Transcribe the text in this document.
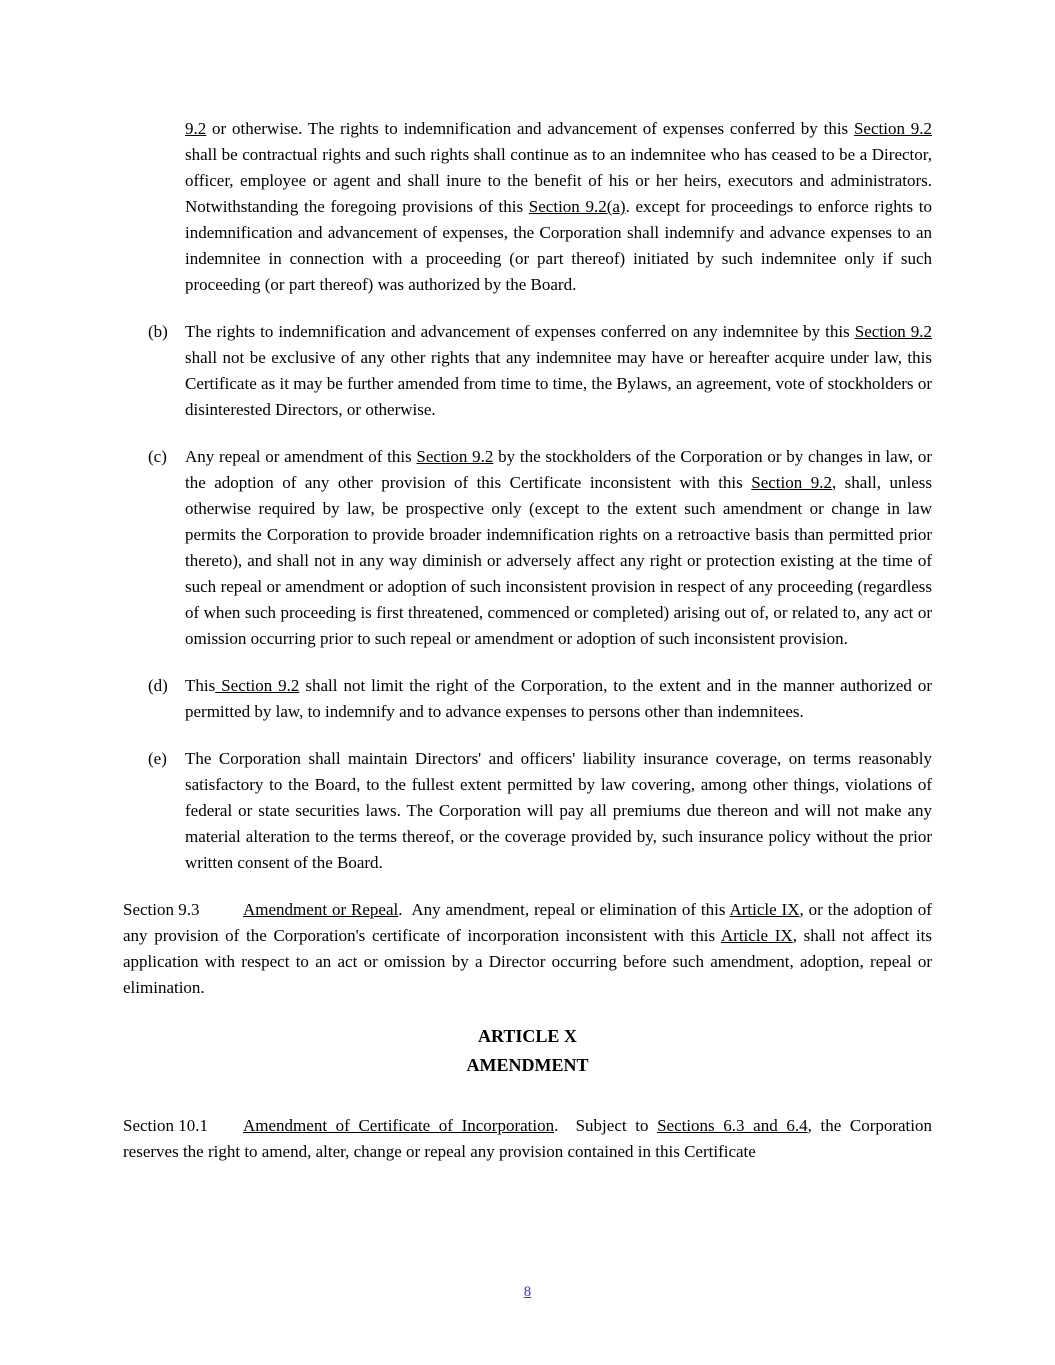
9.2 or otherwise. The rights to indemnification and advancement of expenses conferred by this Section 9.2 shall be contractual rights and such rights shall continue as to an indemnitee who has ceased to be a Director, officer, employee or agent and shall inure to the benefit of his or her heirs, executors and administrators. Notwithstanding the foregoing provisions of this Section 9.2(a). except for proceedings to enforce rights to indemnification and advancement of expenses, the Corporation shall indemnify and advance expenses to an indemnitee in connection with a proceeding (or part thereof) initiated by such indemnitee only if such proceeding (or part thereof) was authorized by the Board.
(b) The rights to indemnification and advancement of expenses conferred on any indemnitee by this Section 9.2 shall not be exclusive of any other rights that any indemnitee may have or hereafter acquire under law, this Certificate as it may be further amended from time to time, the Bylaws, an agreement, vote of stockholders or disinterested Directors, or otherwise.
(c) Any repeal or amendment of this Section 9.2 by the stockholders of the Corporation or by changes in law, or the adoption of any other provision of this Certificate inconsistent with this Section 9.2, shall, unless otherwise required by law, be prospective only (except to the extent such amendment or change in law permits the Corporation to provide broader indemnification rights on a retroactive basis than permitted prior thereto), and shall not in any way diminish or adversely affect any right or protection existing at the time of such repeal or amendment or adoption of such inconsistent provision in respect of any proceeding (regardless of when such proceeding is first threatened, commenced or completed) arising out of, or related to, any act or omission occurring prior to such repeal or amendment or adoption of such inconsistent provision.
(d) This Section 9.2 shall not limit the right of the Corporation, to the extent and in the manner authorized or permitted by law, to indemnify and to advance expenses to persons other than indemnitees.
(e) The Corporation shall maintain Directors' and officers' liability insurance coverage, on terms reasonably satisfactory to the Board, to the fullest extent permitted by law covering, among other things, violations of federal or state securities laws. The Corporation will pay all premiums due thereon and will not make any material alteration to the terms thereof, or the coverage provided by, such insurance policy without the prior written consent of the Board.
Section 9.3	Amendment or Repeal.  Any amendment, repeal or elimination of this Article IX, or the adoption of any provision of the Corporation's certificate of incorporation inconsistent with this Article IX, shall not affect its application with respect to an act or omission by a Director occurring before such amendment, adoption, repeal or elimination.
ARTICLE X
AMENDMENT
Section 10.1 Amendment of Certificate of Incorporation.  Subject to Sections 6.3 and 6.4, the Corporation reserves the right to amend, alter, change or repeal any provision contained in this Certificate
8
